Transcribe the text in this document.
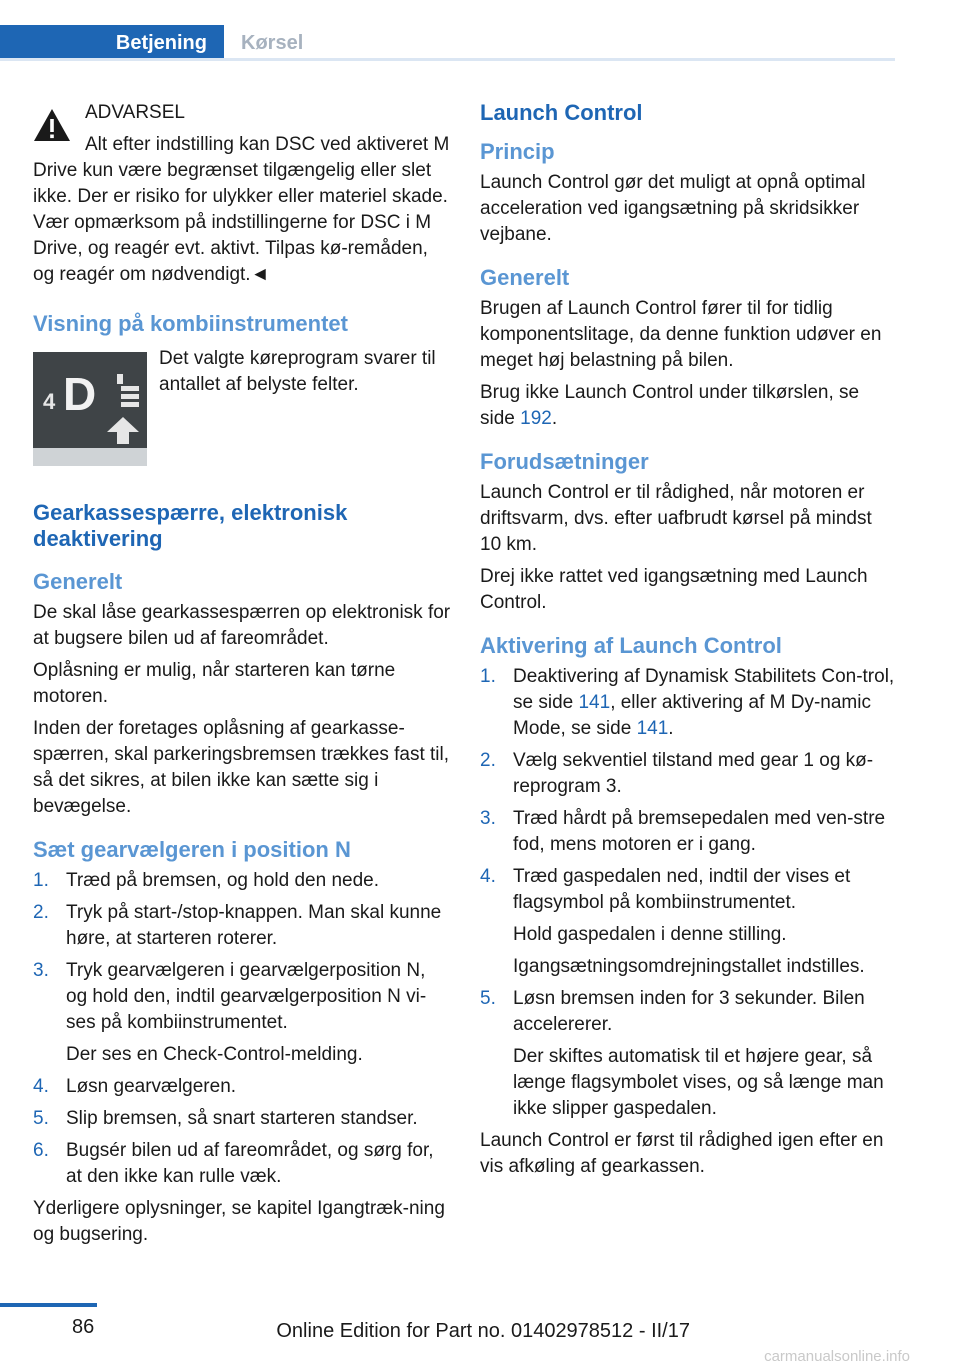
Betjening	Kørsel

ADVARSEL

Alt efter indstilling kan DSC ved aktiveret M Drive kun være begrænset tilgængelig eller slet ikke. Der er risiko for ulykker eller materiel skade. Vær opmærksom på indstillingerne for DSC i M Drive, og reagér evt. aktivt. Tilpas kø-remåden, og reagér om nødvendigt.◄

Visning på kombiinstrumentet
4 D

Det valgte køreprogram svarer til antallet af belyste felter.

Gearkassespærre, elektronisk deaktivering
Generelt

De skal låse gearkassespærren op elektronisk for at bugsere bilen ud af fareområdet.

Oplåsning er mulig, når starteren kan tørne motoren.

Inden der foretages oplåsning af gearkasse-spærren, skal parkeringsbremsen trækkes fast til, så det sikres, at bilen ikke kan sætte sig i bevægelse.

Sæt gearvælgeren i position N
1. Træd på bremsen, og hold den nede.
2. Tryk på start-/stop-knappen. Man skal kunne høre, at starteren roterer.
3. Tryk gearvælgeren i gearvælgerposition N, og hold den, indtil gearvælgerposition N vi-ses på kombiinstrumentet.

Der ses en Check-Control-melding.

4. Løsn gearvælgeren.
5. Slip bremsen, så snart starteren standser.
6. Bugsér bilen ud af fareområdet, og sørg for, at den ikke kan rulle væk.

Yderligere oplysninger, se kapitel Igangtræk-ning og bugsering.

Launch Control
Princip

Launch Control gør det muligt at opnå optimal acceleration ved igangsætning på skridsikker vejbane.

Generelt

Brugen af Launch Control fører til for tidlig komponentslitage, da denne funktion udøver en meget høj belastning på bilen.

Brug ikke Launch Control under tilkørslen, se side 192.

Forudsætninger

Launch Control er til rådighed, når motoren er driftsvarm, dvs. efter uafbrudt kørsel på mindst 10 km.

Drej ikke rattet ved igangsætning med Launch Control.

Aktivering af Launch Control
1. Deaktivering af Dynamisk Stabilitets Con-trol, se side 141, eller aktivering af M Dy-namic Mode, se side 141.
2. Vælg sekventiel tilstand med gear 1 og kø-reprogram 3.
3. Træd hårdt på bremsepedalen med ven-stre fod, mens motoren er i gang.
4. Træd gaspedalen ned, indtil der vises et flagsymbol på kombiinstrumentet.

Hold gaspedalen i denne stilling.

Igangsætningsomdrejningstallet indstilles.

5. Løsn bremsen inden for 3 sekunder. Bilen accelererer.

Der skiftes automatisk til et højere gear, så længe flagsymbolet vises, og så længe man ikke slipper gaspedalen.

Launch Control er først til rådighed igen efter en vis afkøling af gearkassen.

86	Online Edition for Part no. 01402978512 - II/17
carmanualsonline.info
